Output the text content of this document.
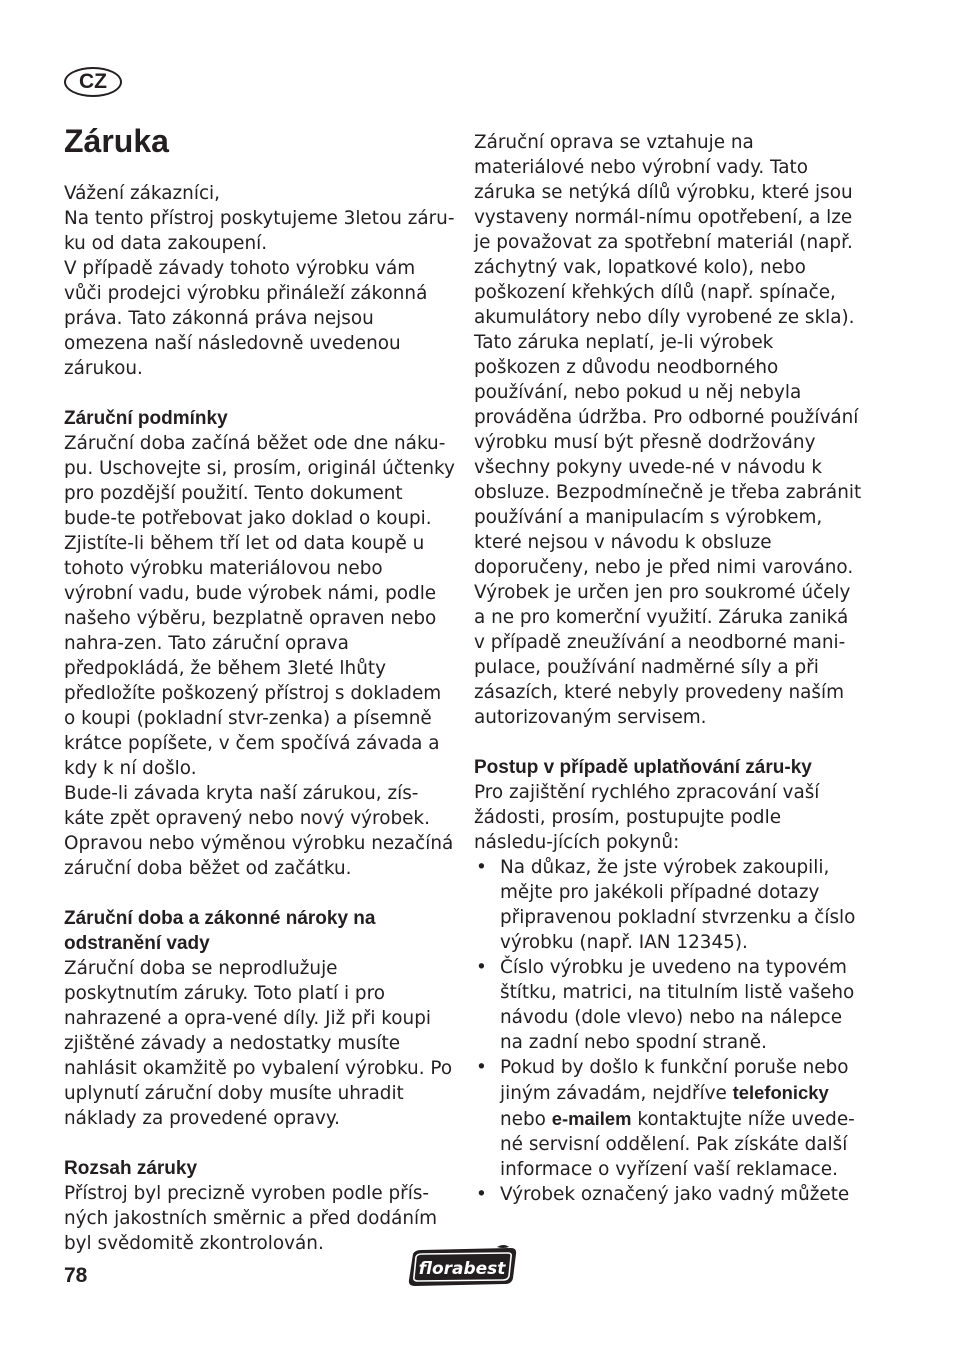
CZ
Záruka

Vážení zákazníci,

Na tento přístroj poskytujeme 3letou záru-ku od data zakoupení.

V případě závady tohoto výrobku vám vůči prodejci výrobku přináleží zákonná práva. Tato zákonná práva nejsou omezena naší následovně uvedenou zárukou.

Záruční podmínky

Záruční doba začíná běžet ode dne náku-pu. Uschovejte si, prosím, originál účtenky pro pozdější použití. Tento dokument bude-te potřebovat jako doklad o koupi.

Zjistíte-li během tří let od data koupě u tohoto výrobku materiálovou nebo výrobní vadu, bude výrobek námi, podle našeho výběru, bezplatně opraven nebo nahra-zen. Tato záruční oprava předpokládá, že během 3leté lhůty předložíte poškozený přístroj s dokladem o koupi (pokladní stvr-zenka) a písemně krátce popíšete, v čem spočívá závada a kdy k ní došlo.

Bude-li závada kryta naší zárukou, zís-káte zpět opravený nebo nový výrobek. Opravou nebo výměnou výrobku nezačíná záruční doba běžet od začátku.

Záruční doba a zákonné nároky na odstranění vady

Záruční doba se neprodlužuje poskytnutím záruky. Toto platí i pro nahrazené a opra-vené díly. Již při koupi zjištěné závady a nedostatky musíte nahlásit okamžitě po vybalení výrobku. Po uplynutí záruční doby musíte uhradit náklady za provedené opravy.

Rozsah záruky

Přístroj byl precizně vyroben podle přís-ných jakostních směrnic a před dodáním byl svědomitě zkontrolován.

Záruční oprava se vztahuje na materiálové nebo výrobní vady. Tato záruka se netýká dílů výrobku, které jsou vystaveny normál-nímu opotřebení, a lze je považovat za spotřební materiál (např. záchytný vak, lopatkové kolo), nebo poškození křehkých dílů (např. spínače, akumulátory nebo díly vyrobené ze skla).

Tato záruka neplatí, je-li výrobek poškozen z důvodu neodborného používání, nebo pokud u něj nebyla prováděna údržba. Pro odborné používání výrobku musí být přesně dodržovány všechny pokyny uvede-né v návodu k obsluze. Bezpodmínečně je třeba zabránit používání a manipulacím s výrobkem, které nejsou v návodu k obsluze doporučeny, nebo je před nimi varováno. Výrobek je určen jen pro soukromé účely a ne pro komerční využití. Záruka zaniká v případě zneužívání a neodborné mani-pulace, používání nadměrné síly a při zásazích, které nebyly provedeny naším autorizovaným servisem.

Postup v případě uplatňování záru-ky

Pro zajištění rychlého zpracování vaší žádosti, prosím, postupujte podle následu-jících pokynů:

• Na důkaz, že jste výrobek zakoupili, mějte pro jakékoli případné dotazy připravenou pokladní stvrzenku a číslo výrobku (např. IAN 12345).
• Číslo výrobku je uvedeno na typovém štítku, matrici, na titulním listě vašeho návodu (dole vlevo) nebo na nálepce na zadní nebo spodní straně.
• Pokud by došlo k funkční poruše nebo jiným závadám, nejdříve telefonicky nebo e-mailem kontaktujte níže uvede-né servisní oddělení. Pak získáte další informace o vyřízení vaší reklamace.
• Výrobek označený jako vadný můžete
78	florabest
